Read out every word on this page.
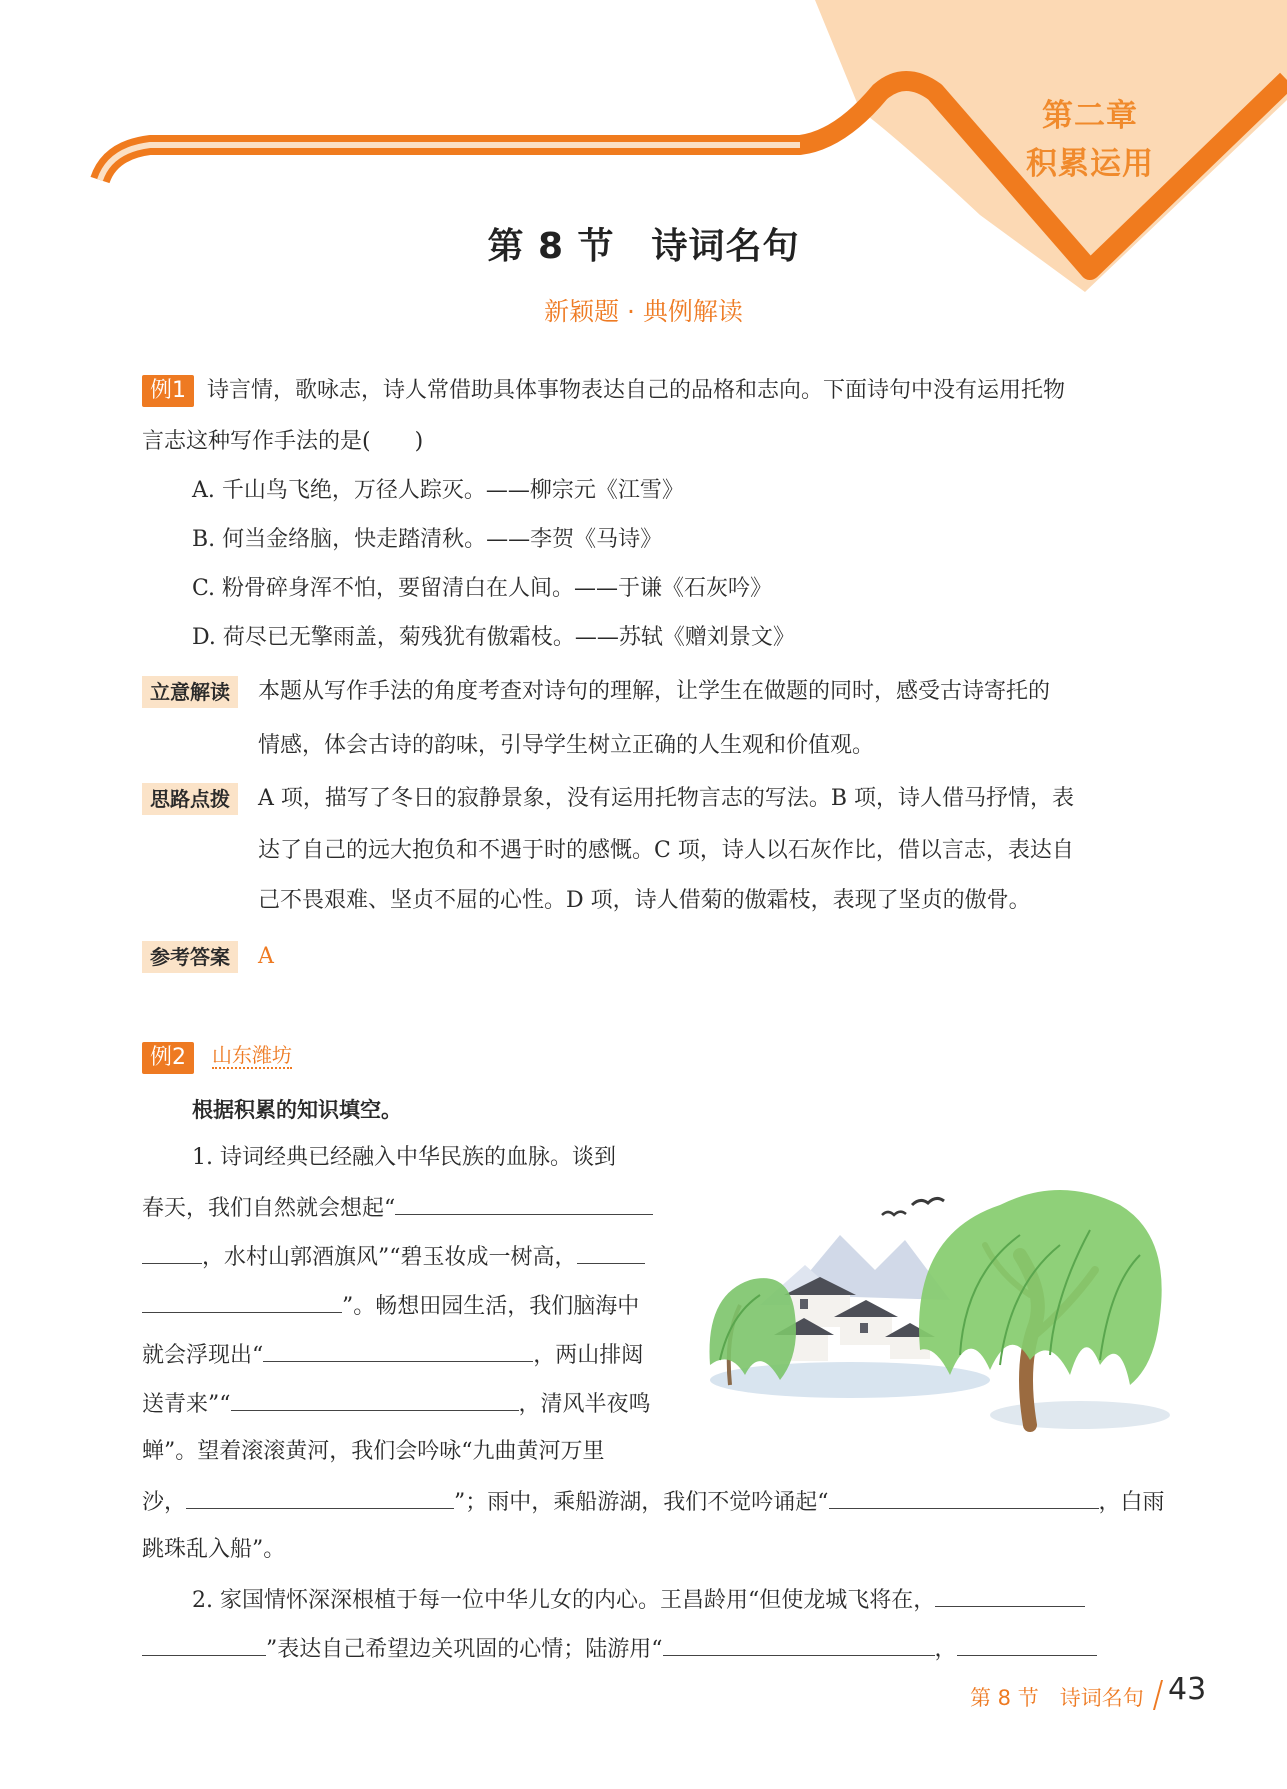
第二章
积累运用
第 8 节　诗词名句
新颖题 · 典例解读
例1 诗言情，歌咏志，诗人常借助具体事物表达自己的品格和志向。下面诗句中没有运用托物
言志这种写作手法的是(　　)
A. 千山鸟飞绝，万径人踪灭。——柳宗元《江雪》
B. 何当金络脑，快走踏清秋。——李贺《马诗》
C. 粉骨碎身浑不怕，要留清白在人间。——于谦《石灰吟》
D. 荷尽已无擎雨盖，菊残犹有傲霜枝。——苏轼《赠刘景文》
立意解读	本题从写作手法的角度考查对诗句的理解，让学生在做题的同时，感受古诗寄托的
情感，体会古诗的韵味，引导学生树立正确的人生观和价值观。
思路点拨	A 项，描写了冬日的寂静景象，没有运用托物言志的写法。B 项，诗人借马抒情，表
达了自己的远大抱负和不遇于时的感慨。C 项，诗人以石灰作比，借以言志，表达自
己不畏艰难、坚贞不屈的心性。D 项，诗人借菊的傲霜枝，表现了坚贞的傲骨。
参考答案	A
例2	山东潍坊
根据积累的知识填空。
1. 诗词经典已经融入中华民族的血脉。谈到
春天，我们自然就会想起“
，水村山郭酒旗风”“碧玉妆成一树高，
”。畅想田园生活，我们脑海中
就会浮现出“	，两山排闼
送青来”“	，清风半夜鸣
蝉”。望着滚滚黄河，我们会吟咏“九曲黄河万里
沙，	”；雨中，乘船游湖，我们不觉吟诵起“	，白雨
跳珠乱入船”。
2. 家国情怀深深根植于每一位中华儿女的内心。王昌龄用“但使龙城飞将在，
”表达自己希望边关巩固的心情；陆游用“	，
第 8 节　诗词名句 43
